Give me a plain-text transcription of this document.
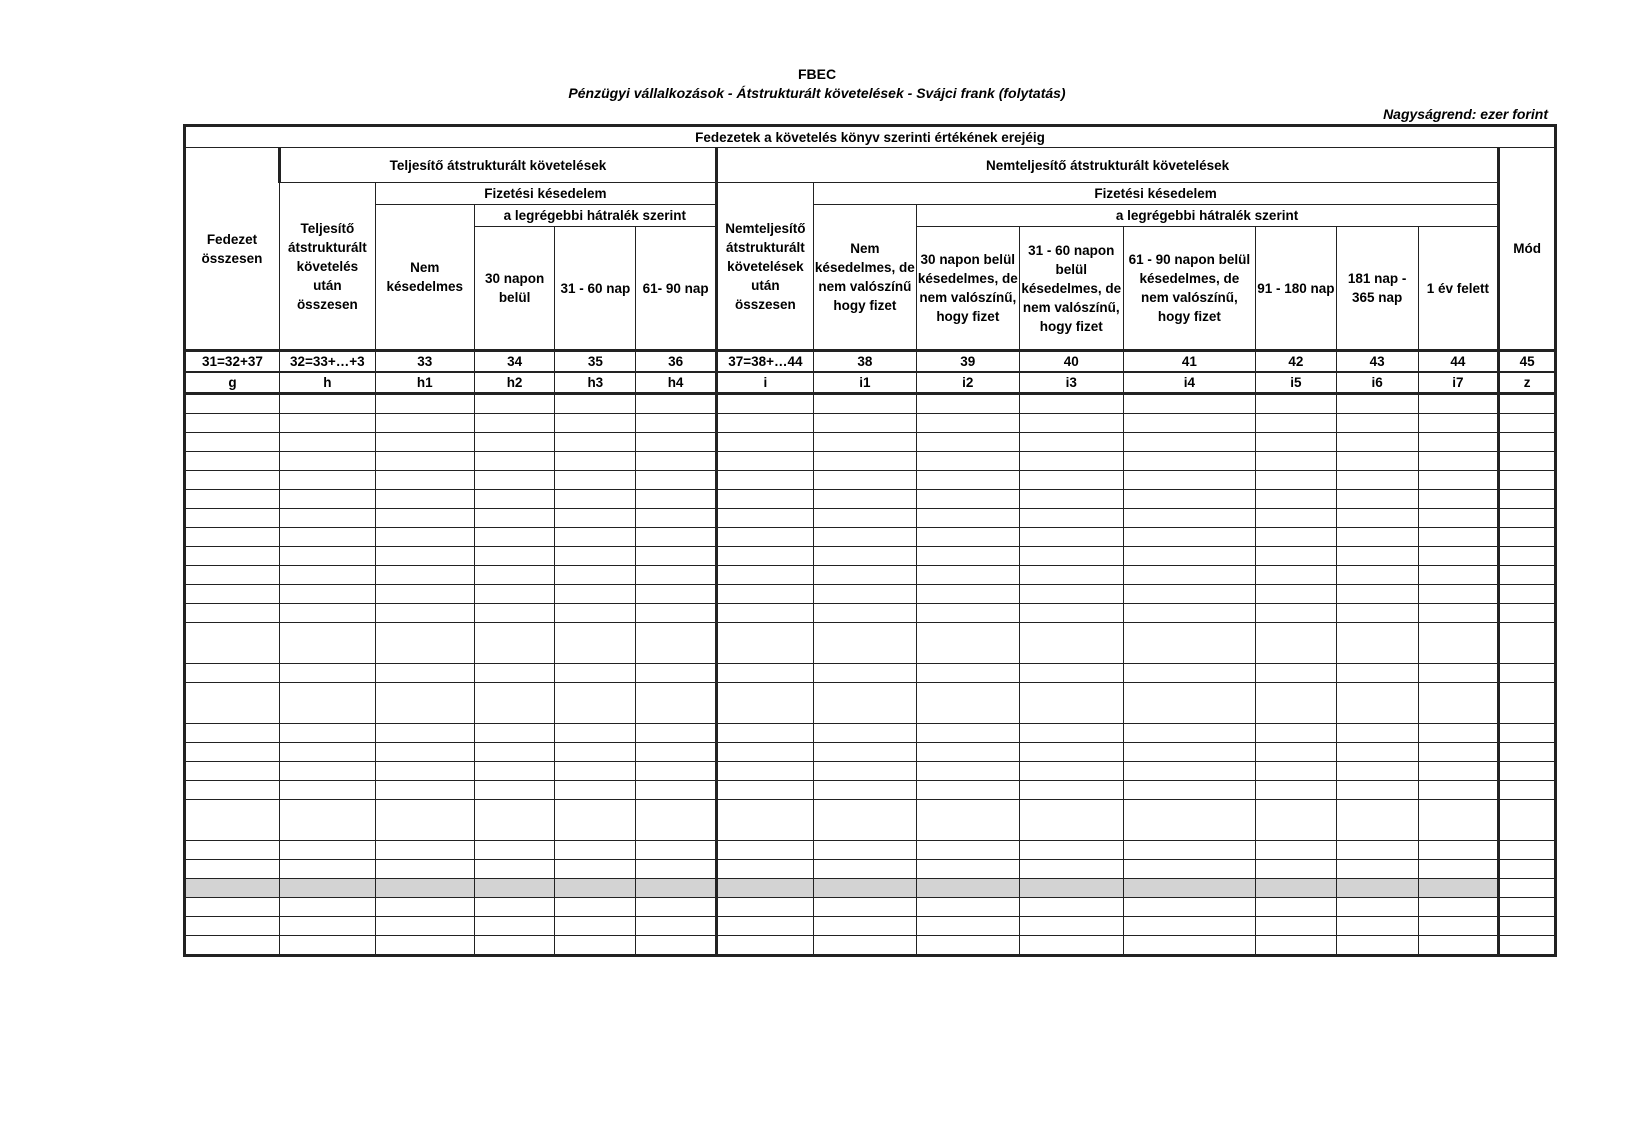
FBEC
Pénzügyi vállalkozások - Átstrukturált követelések - Svájci frank (folytatás)
Nagyságrend: ezer forint
Fedezetek a követelés könyv szerinti értékének erejéig														
Fedezet összesen	Teljesítő átstrukturált követelések					Nemteljesítő átstrukturált követelések								Mód
	Teljesítő átstrukturált követelés után összesen	Fizetési késedelem				Nemteljesítő átstrukturált követelések után összesen	Fizetési késedelem							
		Nem késedelmes	a legrégebbi hátralék szerint				Nem késedelmes, de nem valószínű hogy fizet	a legrégebbi hátralék szerint						
			30 napon belül	31 - 60 nap	61- 90 nap			30 napon belül késedelmes, de nem valószínű, hogy fizet	31 - 60 napon belül késedelmes, de nem valószínű, hogy fizet	61 - 90 napon belül késedelmes, de nem valószínű, hogy fizet	91 - 180 nap	181 nap - 365 nap	1 év felett	

31=32+37	32=33+…+3	33	34	35	36	37=38+…44	38	39	40	41	42	43	44	45
g	h	h1	h2	h3	h4	i	i1	i2	i3	i4	i5	i6	i7	z
